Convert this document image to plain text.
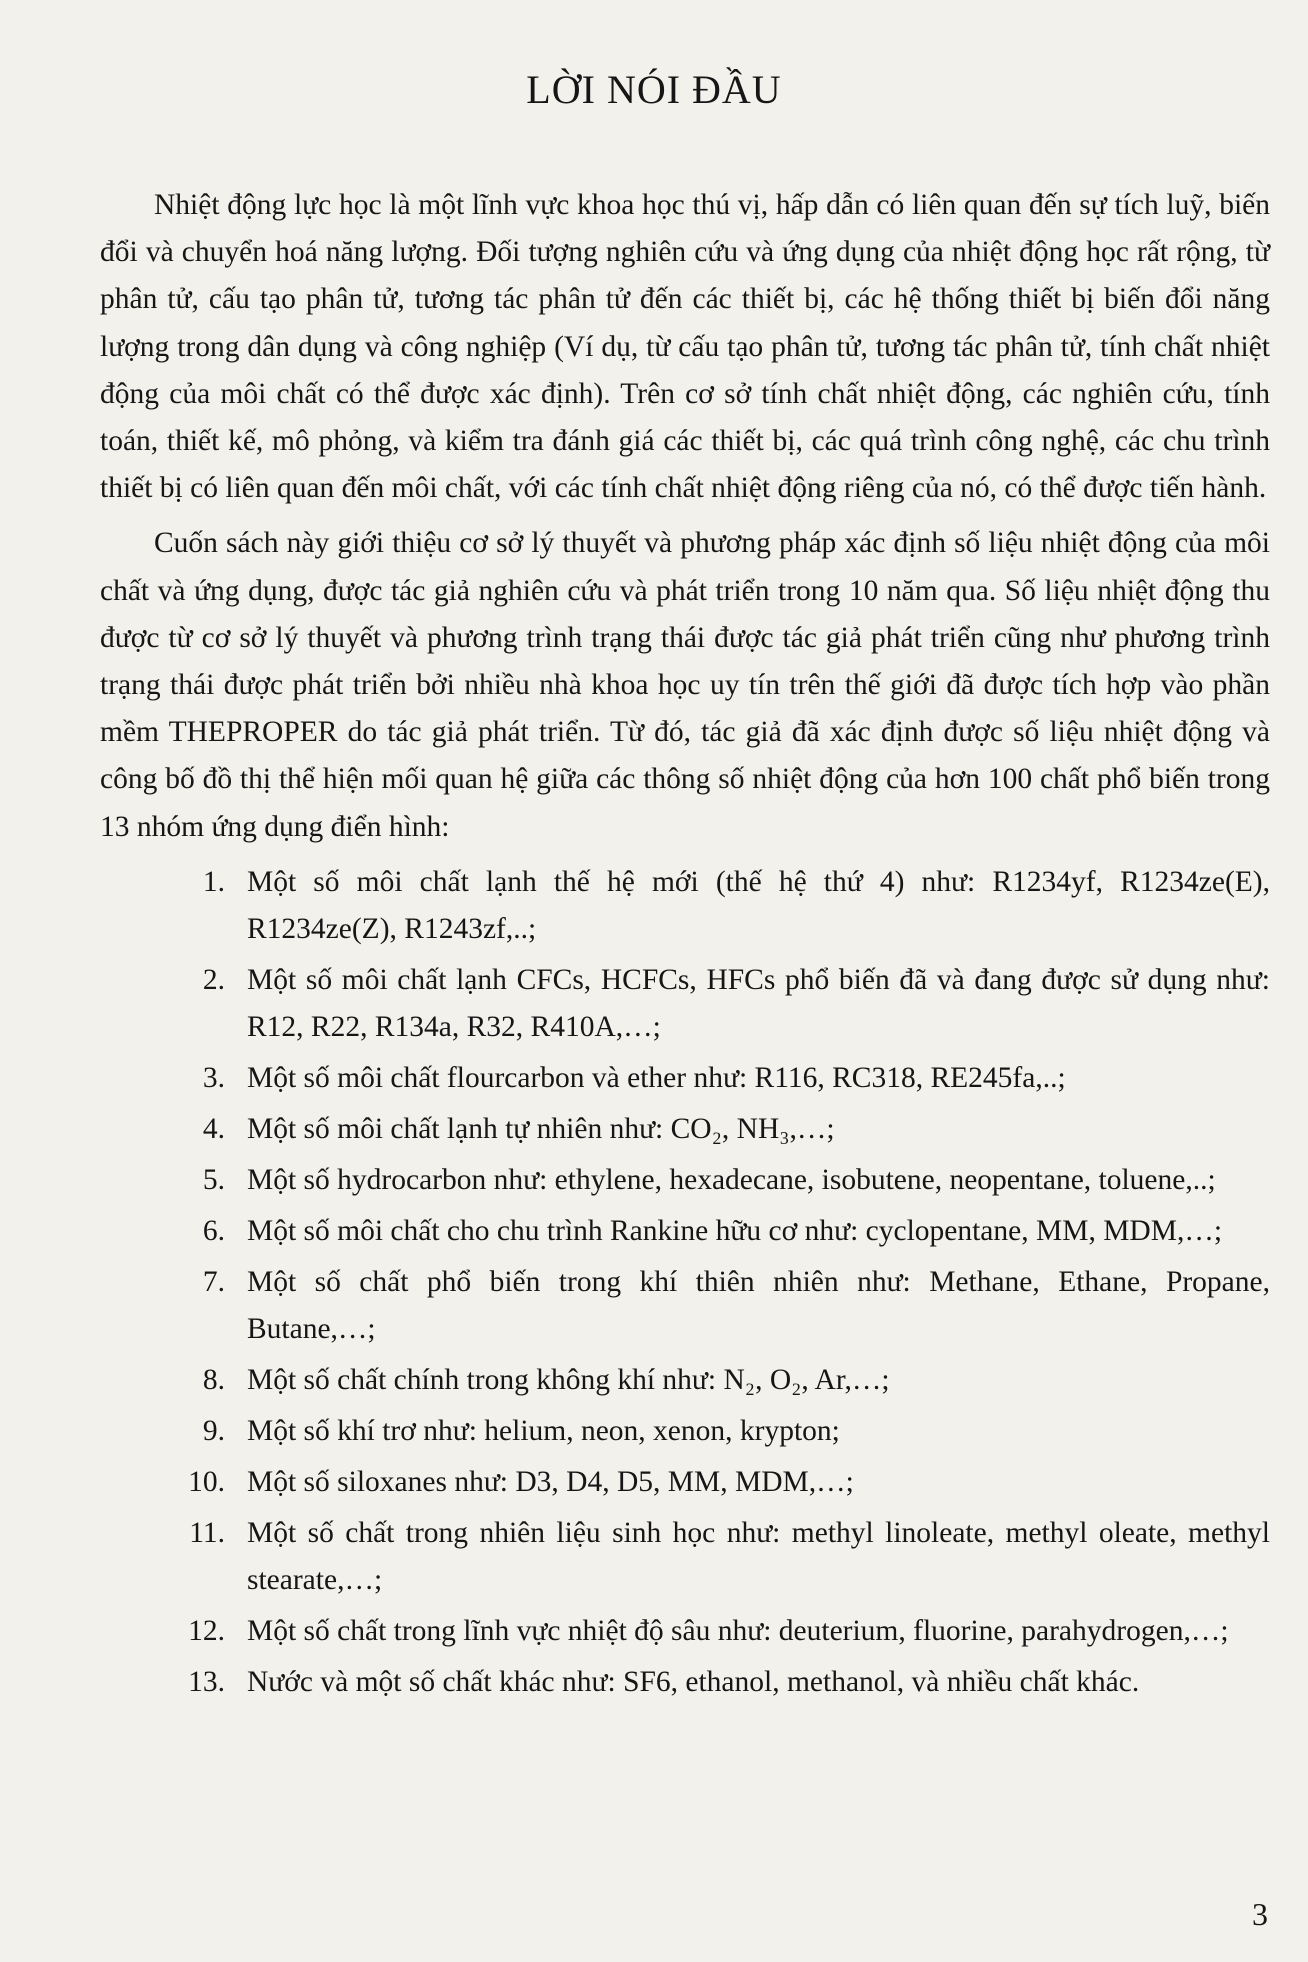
LỜI NÓI ĐẦU

Nhiệt động lực học là một lĩnh vực khoa học thú vị, hấp dẫn có liên quan đến sự tích luỹ, biến đổi và chuyển hoá năng lượng. Đối tượng nghiên cứu và ứng dụng của nhiệt động học rất rộng, từ phân tử, cấu tạo phân tử, tương tác phân tử đến các thiết bị, các hệ thống thiết bị biến đổi năng lượng trong dân dụng và công nghiệp (Ví dụ, từ cấu tạo phân tử, tương tác phân tử, tính chất nhiệt động của môi chất có thể được xác định). Trên cơ sở tính chất nhiệt động, các nghiên cứu, tính toán, thiết kế, mô phỏng, và kiểm tra đánh giá các thiết bị, các quá trình công nghệ, các chu trình thiết bị có liên quan đến môi chất, với các tính chất nhiệt động riêng của nó, có thể được tiến hành.

Cuốn sách này giới thiệu cơ sở lý thuyết và phương pháp xác định số liệu nhiệt động của môi chất và ứng dụng, được tác giả nghiên cứu và phát triển trong 10 năm qua. Số liệu nhiệt động thu được từ cơ sở lý thuyết và phương trình trạng thái được tác giả phát triển cũng như phương trình trạng thái được phát triển bởi nhiều nhà khoa học uy tín trên thế giới đã được tích hợp vào phần mềm THEPROPER do tác giả phát triển. Từ đó, tác giả đã xác định được số liệu nhiệt động và công bố đồ thị thể hiện mối quan hệ giữa các thông số nhiệt động của hơn 100 chất phổ biến trong 13 nhóm ứng dụng điển hình:

1. Một số môi chất lạnh thế hệ mới (thế hệ thứ 4) như: R1234yf, R1234ze(E), R1234ze(Z), R1243zf,..;
2. Một số môi chất lạnh CFCs, HCFCs, HFCs phổ biến đã và đang được sử dụng như: R12, R22, R134a, R32, R410A,…;
3. Một số môi chất flourcarbon và ether như: R116, RC318, RE245fa,..;
4. Một số môi chất lạnh tự nhiên như: CO₂, NH₃,…;
5. Một số hydrocarbon như: ethylene, hexadecane, isobutene, neopentane, toluene,..;
6. Một số môi chất cho chu trình Rankine hữu cơ như: cyclopentane, MM, MDM,…;
7. Một số chất phổ biến trong khí thiên nhiên như: Methane, Ethane, Propane, Butane,…;
8. Một số chất chính trong không khí như: N₂, O₂, Ar,…;
9. Một số khí trơ như: helium, neon, xenon, krypton;
10. Một số siloxanes như: D3, D4, D5, MM, MDM,…;
11. Một số chất trong nhiên liệu sinh học như: methyl linoleate, methyl oleate, methyl stearate,…;
12. Một số chất trong lĩnh vực nhiệt độ sâu như: deuterium, fluorine, parahydrogen,…;
13. Nước và một số chất khác như: SF6, ethanol, methanol, và nhiều chất khác.
3
